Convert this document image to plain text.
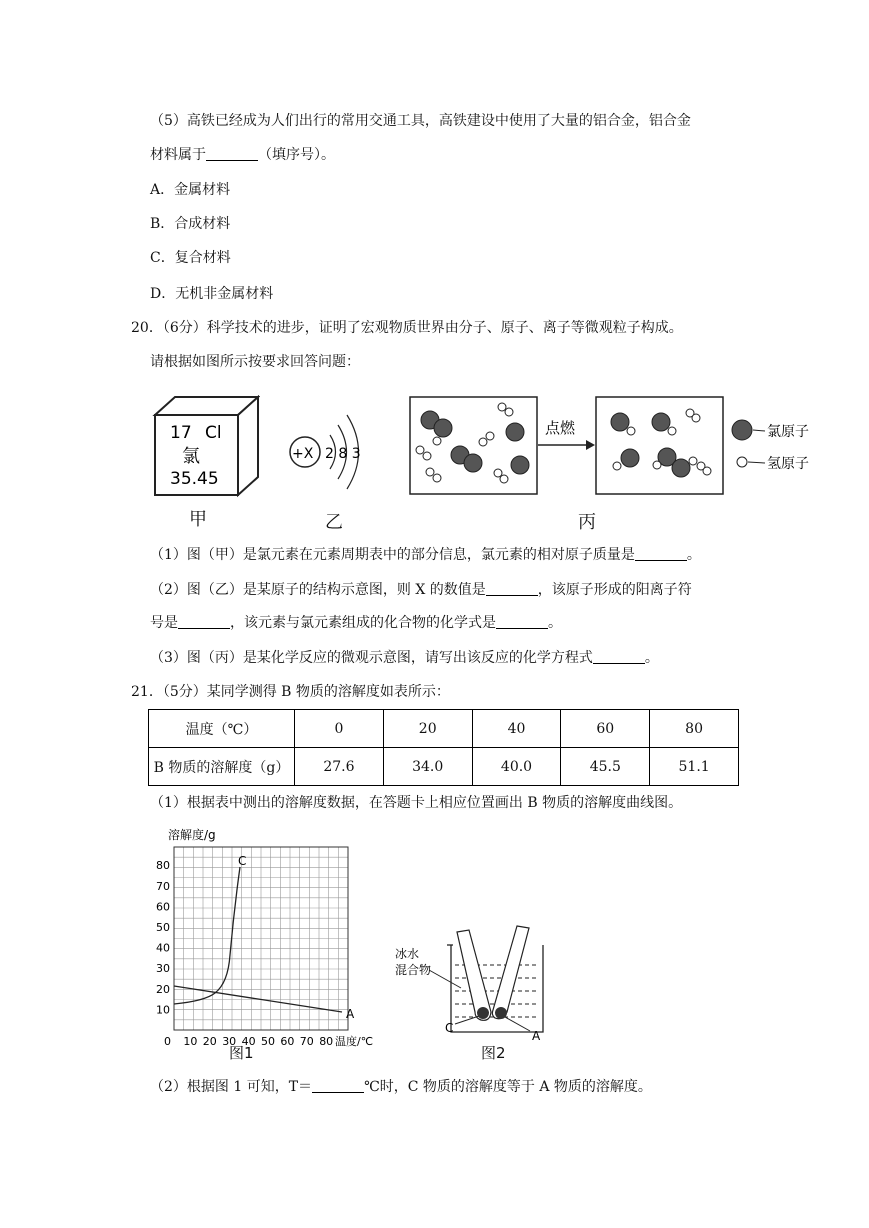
（5）高铁已经成为人们出行的常用交通工具，高铁建设中使用了大量的铝合金，铝合金
材料属于	（填序号）。
A．金属材料
B．合成材料
C．复合材料
D．无机非金属材料
20．（6分）科学技术的进步，证明了宏观物质世界由分子、原子、离子等微观粒子构成。
请根据如图所示按要求回答问题：
17 Cl
氯
35.45
甲
+X 2 8 3
乙
点燃	氯原子
氢原子
丙
（1）图（甲）是氯元素在元素周期表中的部分信息，氯元素的相对原子质量是	。
（2）图（乙）是某原子的结构示意图，则 X 的数值是	，该原子形成的阳离子符
号是	，该元素与氯元素组成的化合物的化学式是	。
（3）图（丙）是某化学反应的微观示意图，请写出该反应的化学方程式	。
21．（5分）某同学测得 B 物质的溶解度如表所示：
温度（℃）	0	20	40	60	80
B 物质的溶解度（g）	27.6	34.0	40.0	45.5	51.1
（1）根据表中测出的溶解度数据，在答题卡上相应位置画出 B 物质的溶解度曲线图。
溶解度/g
10
20
30
40
50
60
70
80
0 10 20 30 40 50 60 70 80 温度/℃
C
A
图1
冰水
混合物
C
A
图2
（2）根据图 1 可知，T＝	℃时，C 物质的溶解度等于 A 物质的溶解度。
